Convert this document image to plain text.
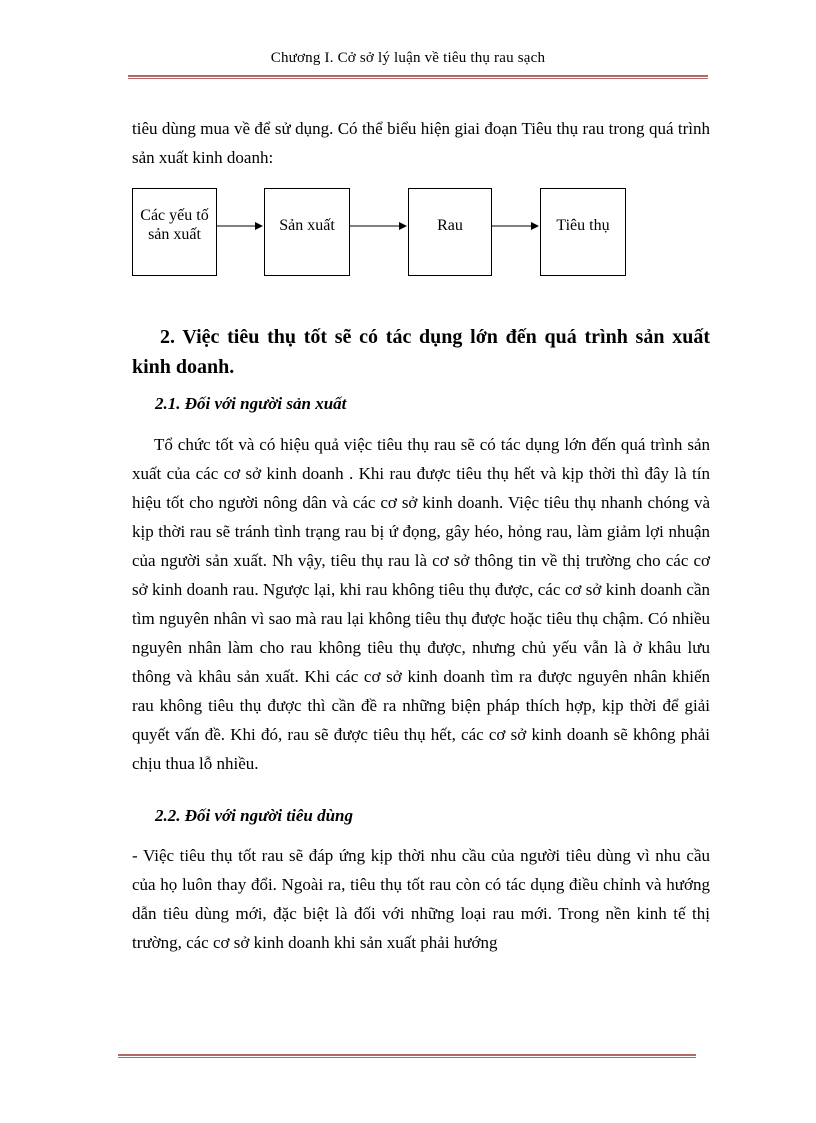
Chương I. Cở sở lý luận về tiêu thụ rau sạch

tiêu dùng mua về để sử dụng. Có thể biểu hiện giai đoạn Tiêu thụ rau trong quá trình sản xuất kinh doanh:

Các yếu tố sản xuất
Sản xuất	Rau	Tiêu thụ
2. Việc tiêu thụ tốt sẽ có tác dụng lớn đến quá trình sản xuất kinh doanh.
2.1. Đối với người sản xuất

Tổ chức tốt và có hiệu quả việc tiêu thụ rau sẽ có tác dụng lớn đến quá trình sản xuất của các cơ sở kinh doanh . Khi rau được tiêu thụ hết và kịp thời thì đây là tín hiệu tốt cho người nông dân và các cơ sở kinh doanh. Việc tiêu thụ nhanh chóng và kịp thời rau sẽ tránh tình trạng rau bị ứ đọng, gây héo, hỏng rau, làm giảm lợi nhuận của người sản xuất. Nh vậy, tiêu thụ rau là cơ sở thông tin về thị trường cho các cơ sở kinh doanh rau. Ngược lại, khi rau không tiêu thụ được, các cơ sở kinh doanh cần tìm nguyên nhân vì sao mà rau lại không tiêu thụ được hoặc tiêu thụ chậm. Có nhiều nguyên nhân làm cho rau không tiêu thụ được, nhưng chủ yếu vẫn là ở khâu lưu thông và khâu sản xuất. Khi các cơ sở kinh doanh tìm ra được nguyên nhân khiến rau không tiêu thụ được thì cần đề ra những biện pháp thích hợp, kịp thời để giải quyết vấn đề. Khi đó, rau sẽ được tiêu thụ hết, các cơ sở kinh doanh sẽ không phải chịu thua lỗ nhiều.

2.2. Đối với người tiêu dùng

- Việc tiêu thụ tốt rau sẽ đáp ứng kịp thời nhu cầu của người tiêu dùng vì nhu cầu của họ luôn thay đổi. Ngoài ra, tiêu thụ tốt rau còn có tác dụng điều chỉnh và hướng dẫn tiêu dùng mới, đặc biệt là đối với những loại rau mới. Trong nền kinh tế thị trường, các cơ sở kinh doanh khi sản xuất phải hướng
